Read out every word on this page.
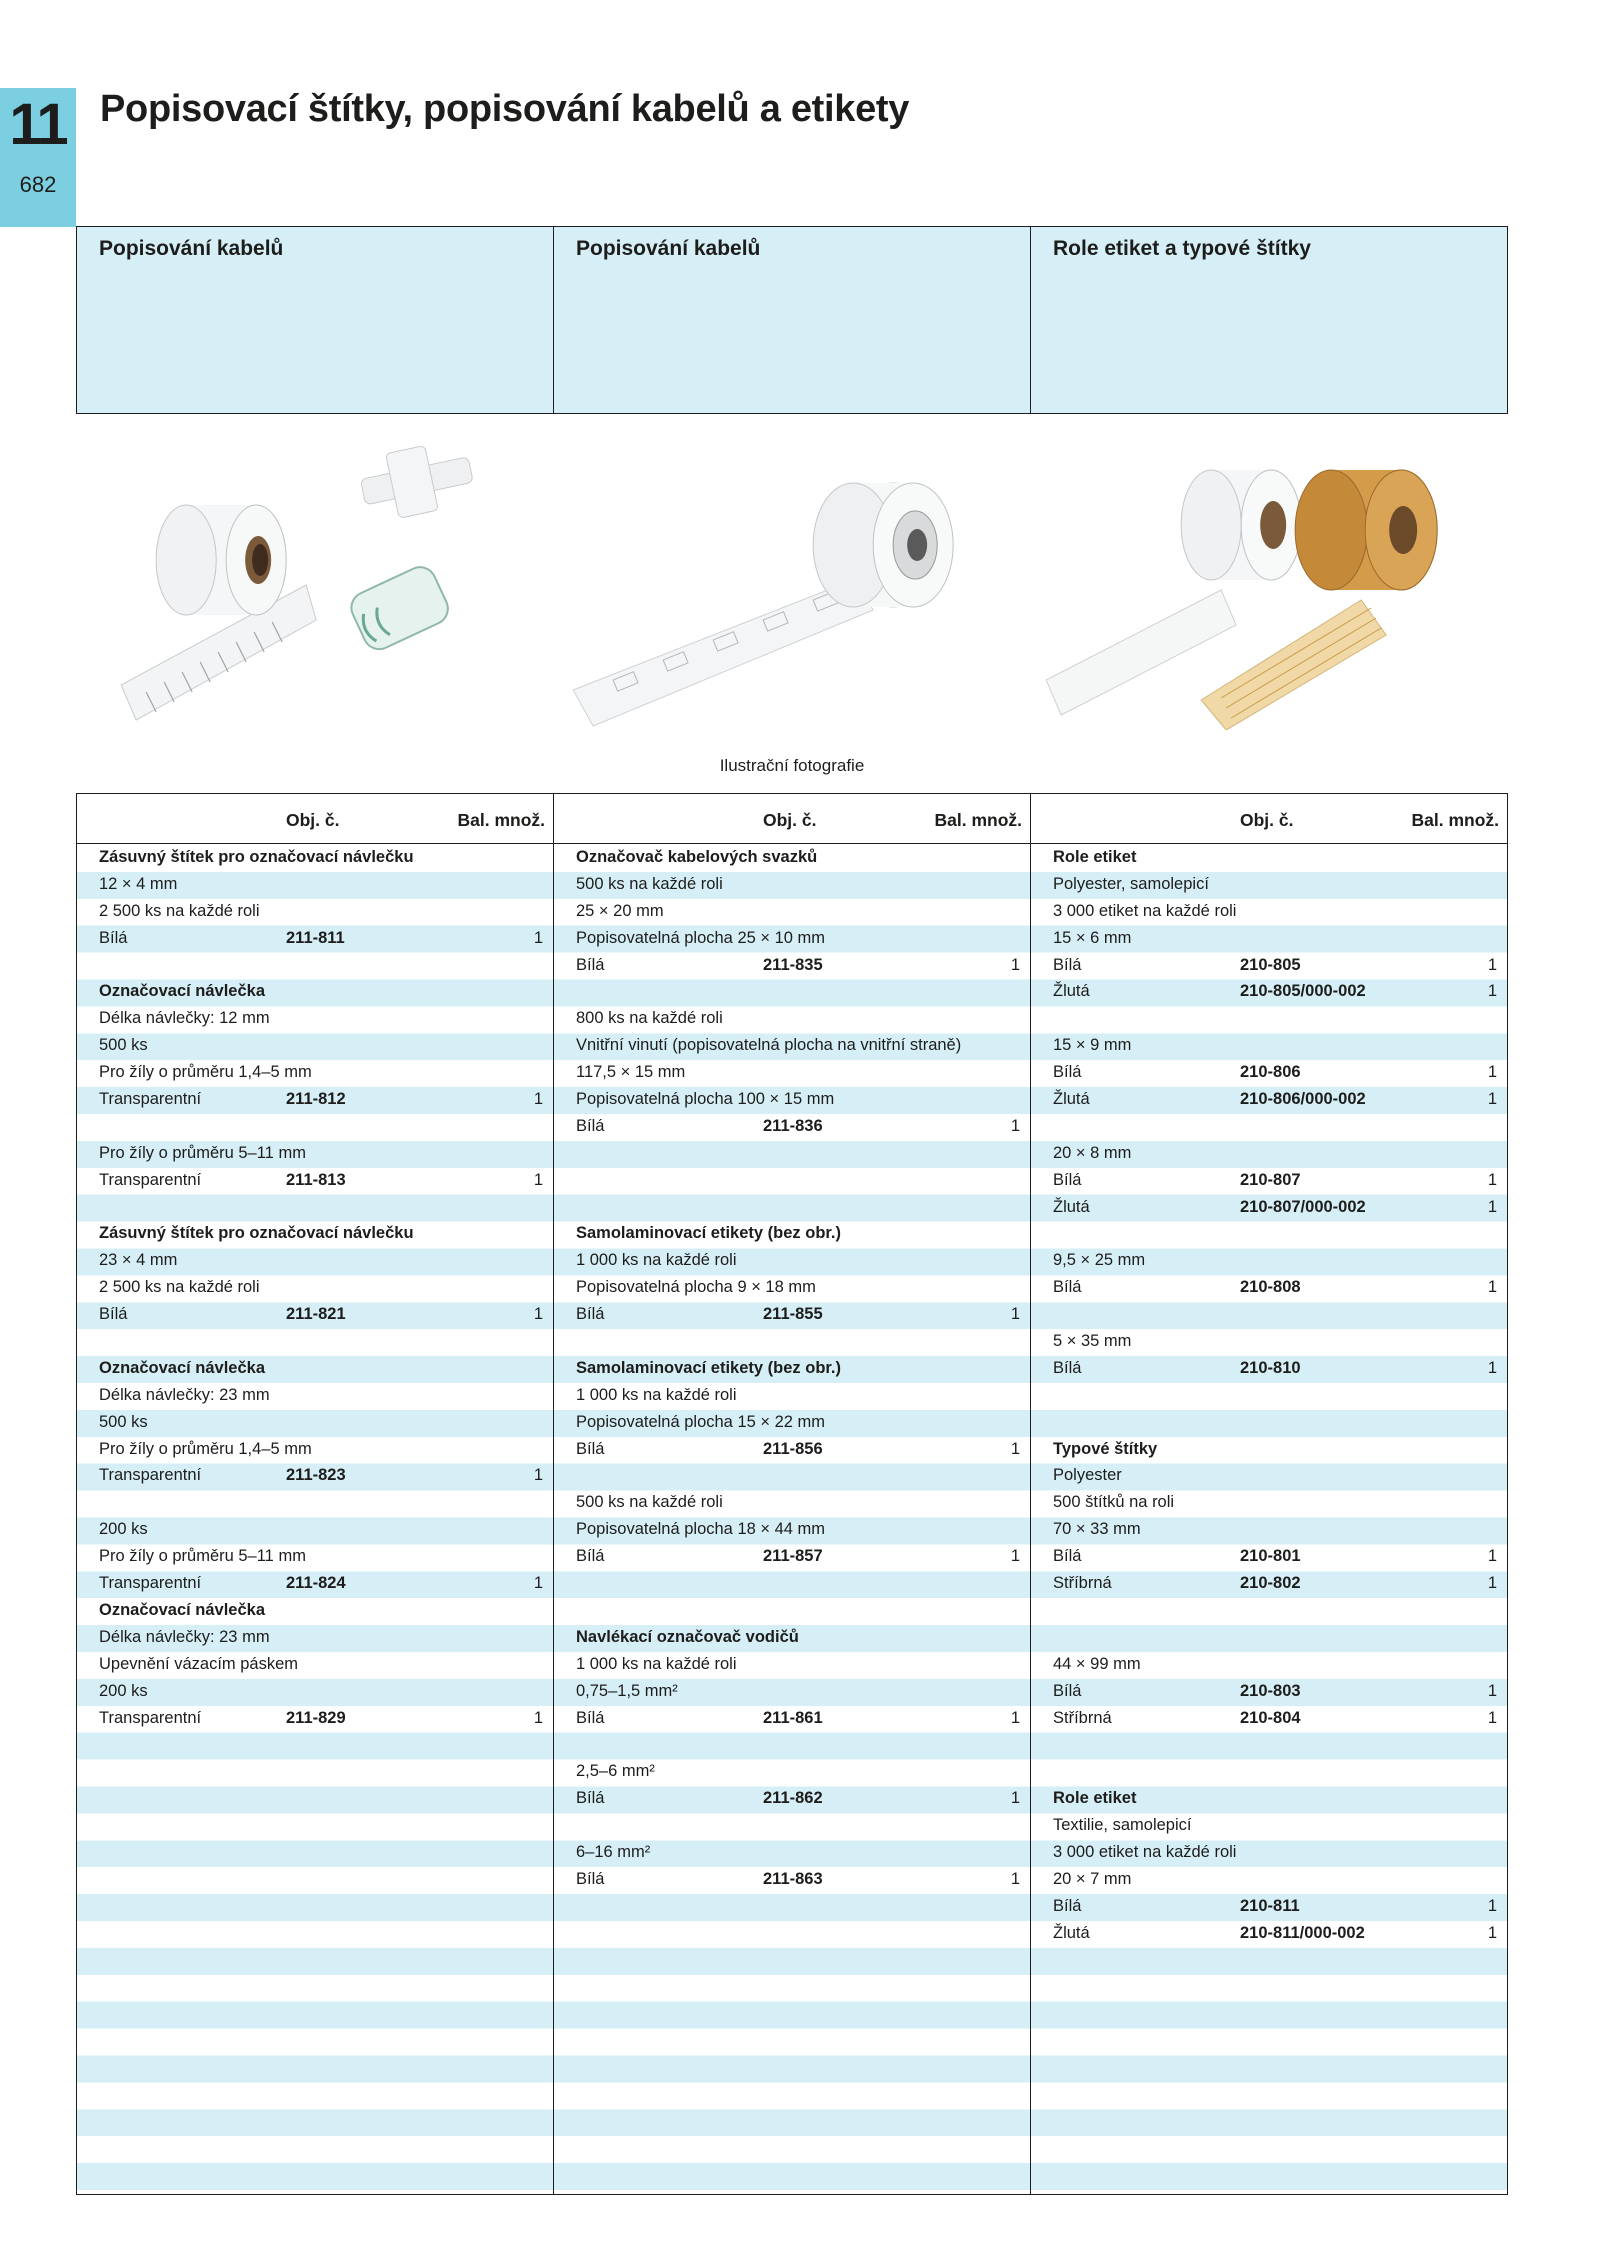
11
682
Popisovací štítky, popisování kabelů a etikety
Popisování kabelů	Popisování kabelů	Role etiket a typové štítky
Ilustrační fotografie
Obj. č.	Bal. množ.
Zásuvný štítek pro označovací návlečku
12 × 4 mm
2 500 ks na každé roli
Bílá	211-811	1
Označovací návlečka
Délka návlečky: 12 mm
500 ks
Pro žíly o průměru 1,4–5 mm
Transparentní	211-812	1
Pro žíly o průměru 5–11 mm
Transparentní	211-813	1
Zásuvný štítek pro označovací návlečku
23 × 4 mm
2 500 ks na každé roli
Bílá	211-821	1
Označovací návlečka
Délka návlečky: 23 mm
500 ks
Pro žíly o průměru 1,4–5 mm
Transparentní	211-823	1
200 ks
Pro žíly o průměru 5–11 mm
Transparentní	211-824	1
Označovací návlečka
Délka návlečky: 23 mm
Upevnění vázacím páskem
200 ks
Transparentní	211-829	1
Obj. č.	Bal. množ.
Označovač kabelových svazků
500 ks na každé roli
25 × 20 mm
Popisovatelná plocha 25 × 10 mm
Bílá	211-835	1
800 ks na každé roli
Vnitřní vinutí (popisovatelná plocha na vnitřní straně)
117,5 × 15 mm
Popisovatelná plocha 100 × 15 mm
Bílá	211-836	1
Samolaminovací etikety (bez obr.)
1 000 ks na každé roli
Popisovatelná plocha 9 × 18 mm
Bílá	211-855	1
Samolaminovací etikety (bez obr.)
1 000 ks na každé roli
Popisovatelná plocha 15 × 22 mm
Bílá	211-856	1
500 ks na každé roli
Popisovatelná plocha 18 × 44 mm
Bílá	211-857	1
Navlékací označovač vodičů
1 000 ks na každé roli
0,75–1,5 mm²
Bílá	211-861	1
2,5–6 mm²
Bílá	211-862	1
6–16 mm²
Bílá	211-863	1
Obj. č.	Bal. množ.
Role etiket
Polyester, samolepicí
3 000 etiket na každé roli
15 × 6 mm
Bílá	210-805	1
Žlutá	210-805/000-002	1
15 × 9 mm
Bílá	210-806	1
Žlutá	210-806/000-002	1
20 × 8 mm
Bílá	210-807	1
Žlutá	210-807/000-002	1
9,5 × 25 mm
Bílá	210-808	1
5 × 35 mm
Bílá	210-810	1
Typové štítky
Polyester
500 štítků na roli
70 × 33 mm
Bílá	210-801	1
Stříbrná	210-802	1
44 × 99 mm
Bílá	210-803	1
Stříbrná	210-804	1
Role etiket
Textilie, samolepicí
3 000 etiket na každé roli
20 × 7 mm
Bílá	210-811	1
Žlutá	210-811/000-002	1
